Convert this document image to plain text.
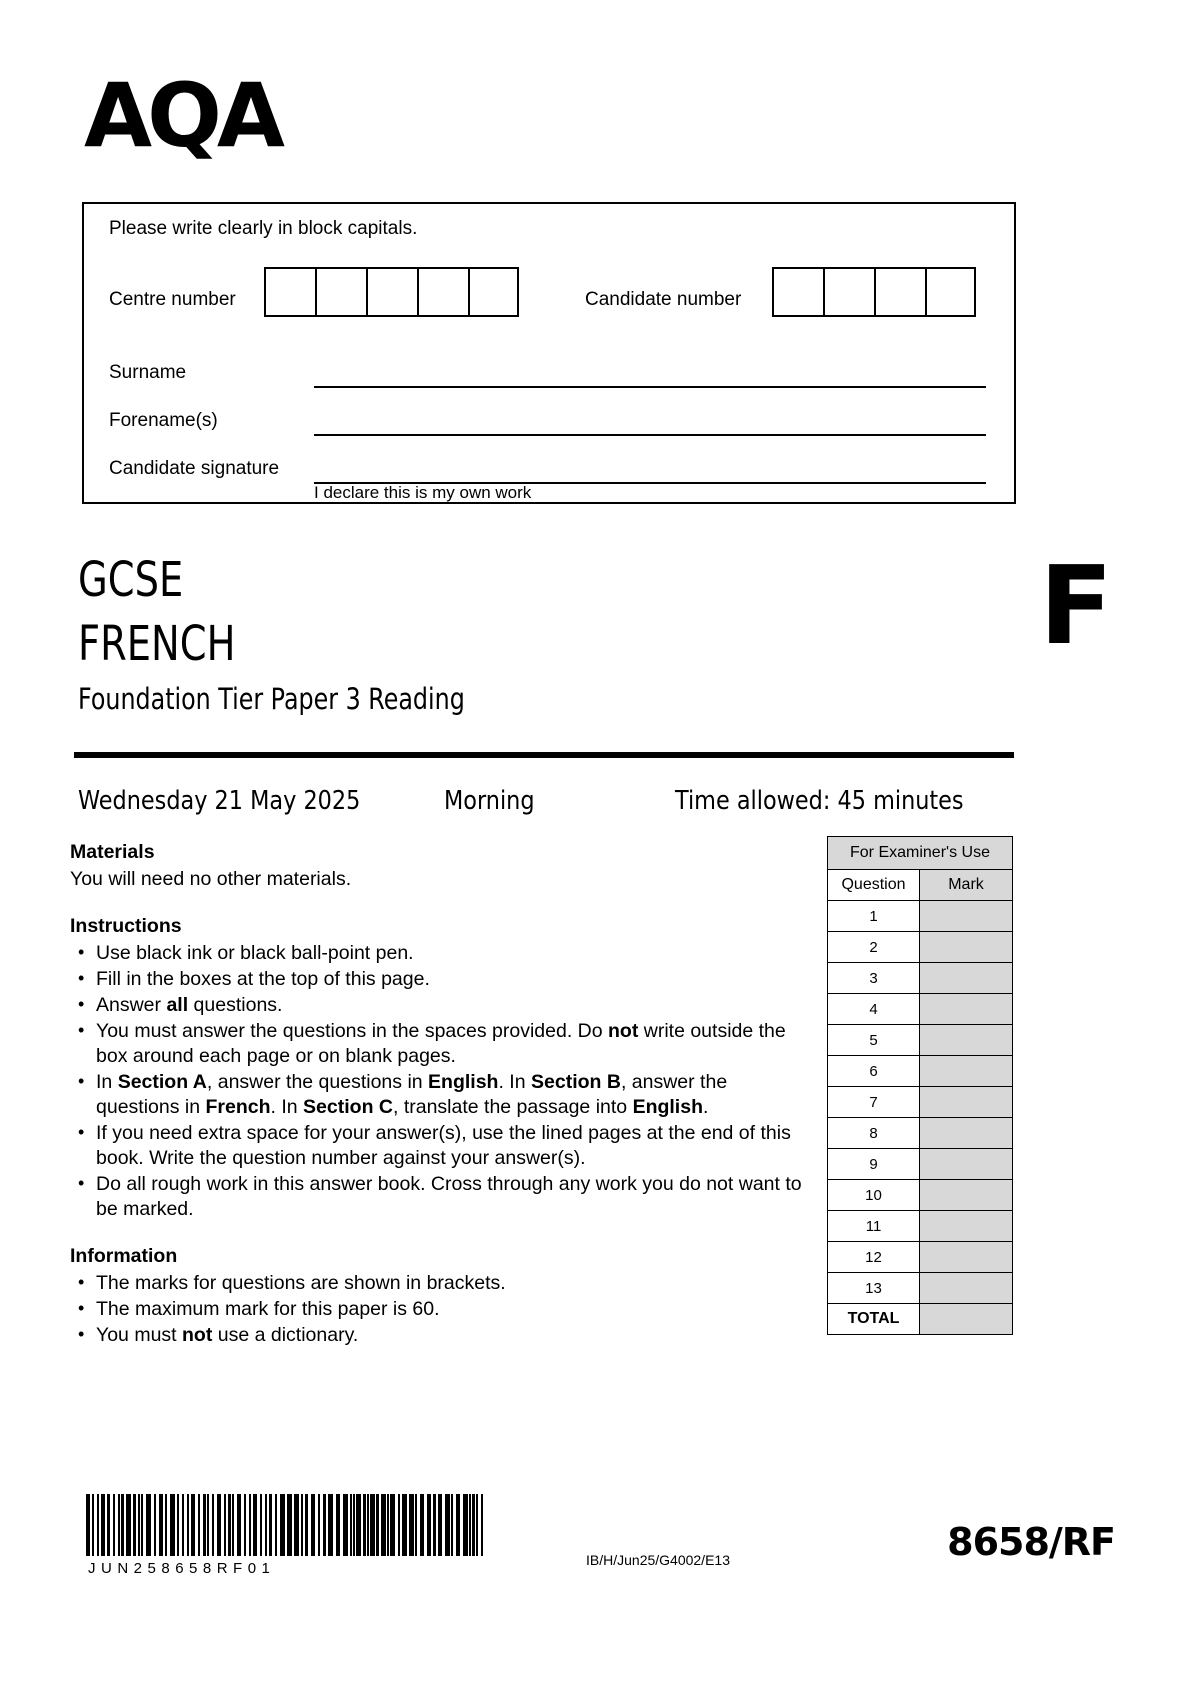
AQA
Please write clearly in block capitals.
Centre number	Candidate number
Surname
Forename(s)
Candidate signature
I declare this is my own work
GCSE
FRENCH
Foundation Tier Paper 3 Reading
F
Wednesday 21 May 2025	Morning	Time allowed: 45 minutes
Materials

You will need no other materials.

Instructions
• Use black ink or black ball-point pen.
• Fill in the boxes at the top of this page.
• Answer all questions.
• You must answer the questions in the spaces provided. Do not write outside the box around each page or on blank pages.
• In Section A, answer the questions in English. In Section B, answer the questions in French. In Section C, translate the passage into English.
• If you need extra space for your answer(s), use the lined pages at the end of this book. Write the question number against your answer(s).
• Do all rough work in this answer book. Cross through any work you do not want to be marked.
Information
• The marks for questions are shown in brackets.
• The maximum mark for this paper is 60.
• You must not use a dictionary.
For Examiner's Use	
Question	Mark
1	
2	
3	
4	
5	
6	
7	
8	
9	
10	
11	
12	
13	
TOTAL	
JUN258658RF01	IB/H/Jun25/G4002/E13	8658/RF
